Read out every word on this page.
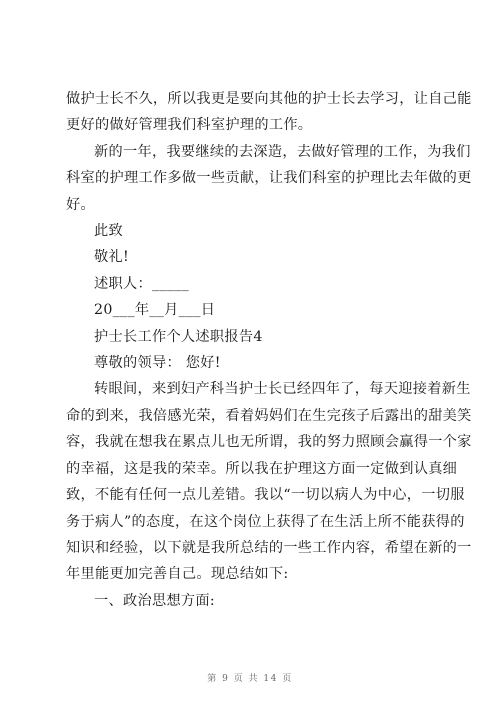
做护士长不久，所以我更是要向其他的护士长去学习，让自己能

更好的做好管理我们科室护理的工作。

新的一年，我要继续的去深造，去做好管理的工作，为我们

科室的护理工作多做一些贡献，让我们科室的护理比去年做的更

好。

此致

敬礼!

述职人：_____

20___年__月___日

护士长工作个人述职报告4

尊敬的领导： 您好!

转眼间，来到妇产科当护士长已经四年了，每天迎接着新生

命的到来，我倍感光荣，看着妈妈们在生完孩子后露出的甜美笑

容，我就在想我在累点儿也无所谓，我的努力照顾会赢得一个家

的幸福，这是我的荣幸。所以我在护理这方面一定做到认真细

致，不能有任何一点儿差错。我以“一切以病人为中心，一切服

务于病人”的态度，在这个岗位上获得了在生活上所不能获得的

知识和经验，以下就是我所总结的一些工作内容，希望在新的一

年里能更加完善自己。现总结如下:

一、政治思想方面:

第 9 页 共 14 页
